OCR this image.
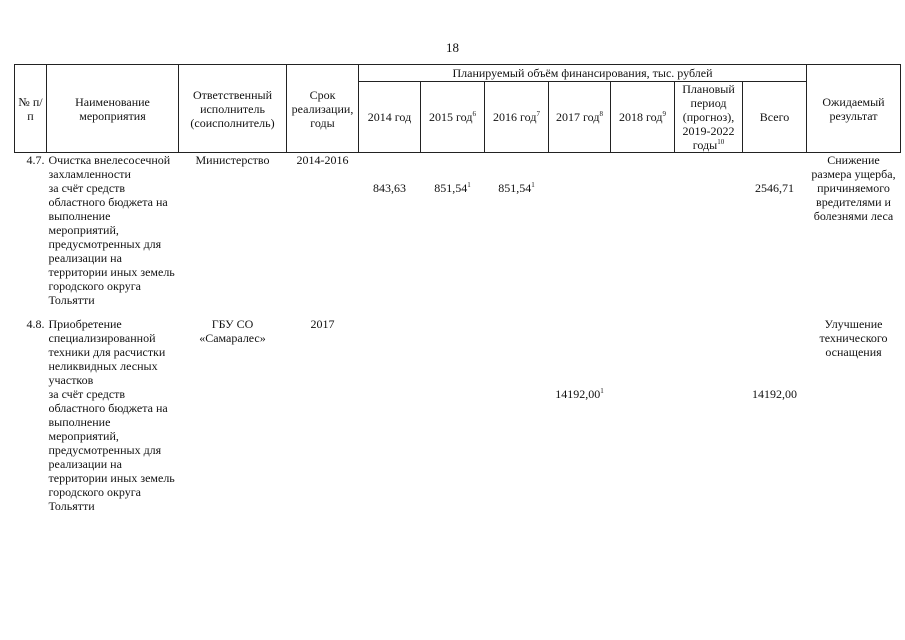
18
№ п/п	Наименование мероприятия	Ответственный исполнитель (соисполнитель)	Срок реализации, годы	Планируемый объём финансирования, тыс. рублей							Ожидаемый результат
				2014 год	2015 год$^6$	2016 год$^7$	2017 год$^8$	2018 год$^9$	Плановый период (прогноз), 2019-2022 годы$^{10}$	Всего	
4.7.	Очистка внелесосечной захламленности	Министерство	2014-2016								Снижение размера ущерба, причиняемого вредителями и болезнями леса
	за счёт средств областного бюджета на выполнение мероприятий, предусмотренных для реализации на территории иных земель городского округа Тольятти			843,63	851,54$^1$	851,54$^1$				2546,71	
4.8.	Приобретение специализированной техники для расчистки неликвидных лесных участков	ГБУ СО «Самаралес»	2017								Улучшение технического оснащения
	за счёт средств областного бюджета на выполнение мероприятий, предусмотренных для реализации на территории иных земель городского округа Тольятти						14192,00$^1$			14192,00	
